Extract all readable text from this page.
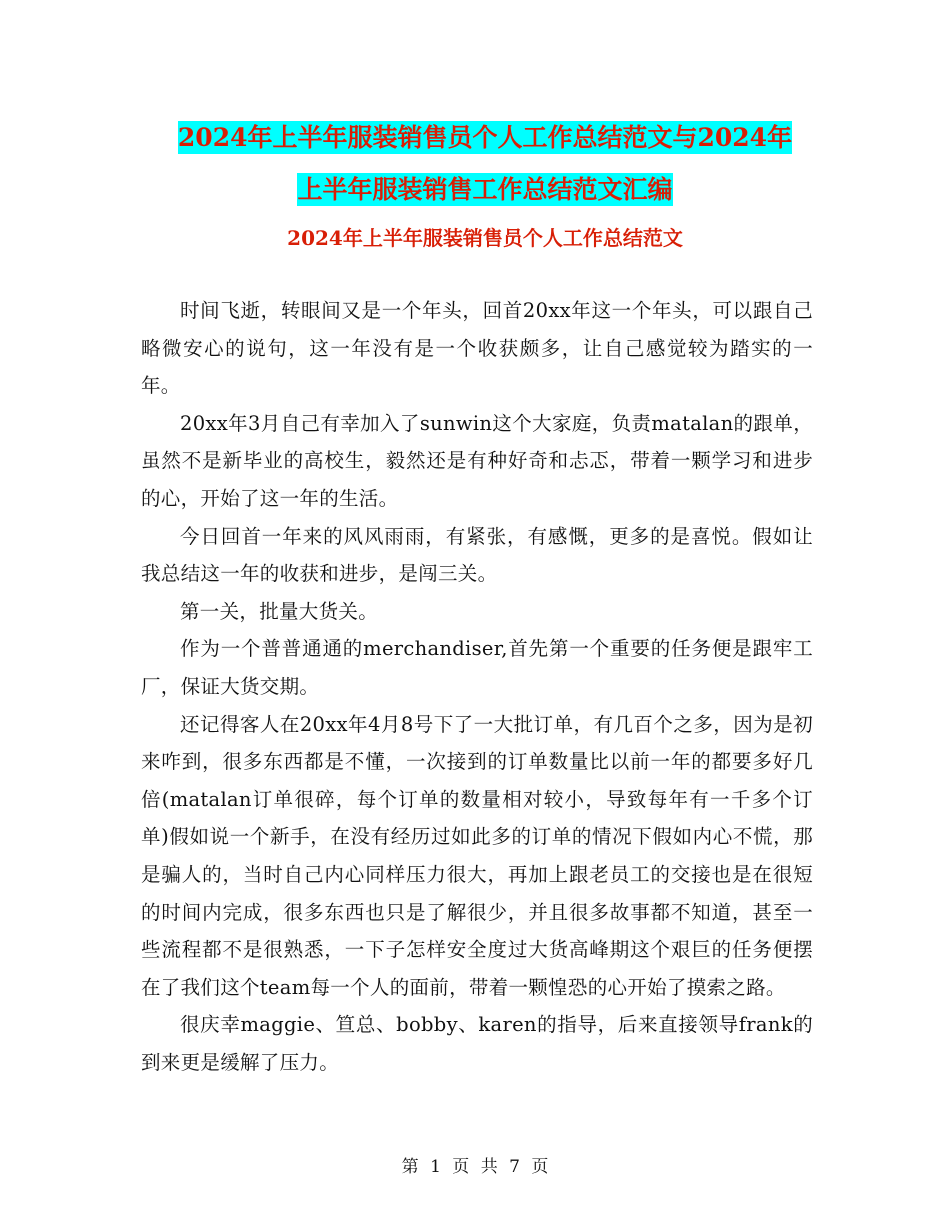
2024年上半年服装销售员个人工作总结范文与2024年
上半年服装销售工作总结范文汇编
2024年上半年服装销售员个人工作总结范文

时间飞逝，转眼间又是一个年头，回首20xx年这一个年头，可以跟自己略微安心的说句，这一年没有是一个收获颇多，让自己感觉较为踏实的一年。

20xx年3月自己有幸加入了sunwin这个大家庭，负责matalan的跟单，虽然不是新毕业的高校生，毅然还是有种好奇和忐忑，带着一颗学习和进步的心，开始了这一年的生活。

今日回首一年来的风风雨雨，有紧张，有感慨，更多的是喜悦。假如让我总结这一年的收获和进步，是闯三关。

第一关，批量大货关。

作为一个普普通通的merchandiser,首先第一个重要的任务便是跟牢工厂，保证大货交期。

还记得客人在20xx年4月8号下了一大批订单，有几百个之多，因为是初来咋到，很多东西都是不懂，一次接到的订单数量比以前一年的都要多好几倍(matalan订单很碎，每个订单的数量相对较小，导致每年有一千多个订单)假如说一个新手，在没有经历过如此多的订单的情况下假如内心不慌，那是骗人的，当时自己内心同样压力很大，再加上跟老员工的交接也是在很短的时间内完成，很多东西也只是了解很少，并且很多故事都不知道，甚至一些流程都不是很熟悉，一下子怎样安全度过大货高峰期这个艰巨的任务便摆在了我们这个team每一个人的面前，带着一颗惶恐的心开始了摸索之路。

很庆幸maggie、笪总、bobby、karen的指导，后来直接领导frank的到来更是缓解了压力。

第 1 页 共 7 页
